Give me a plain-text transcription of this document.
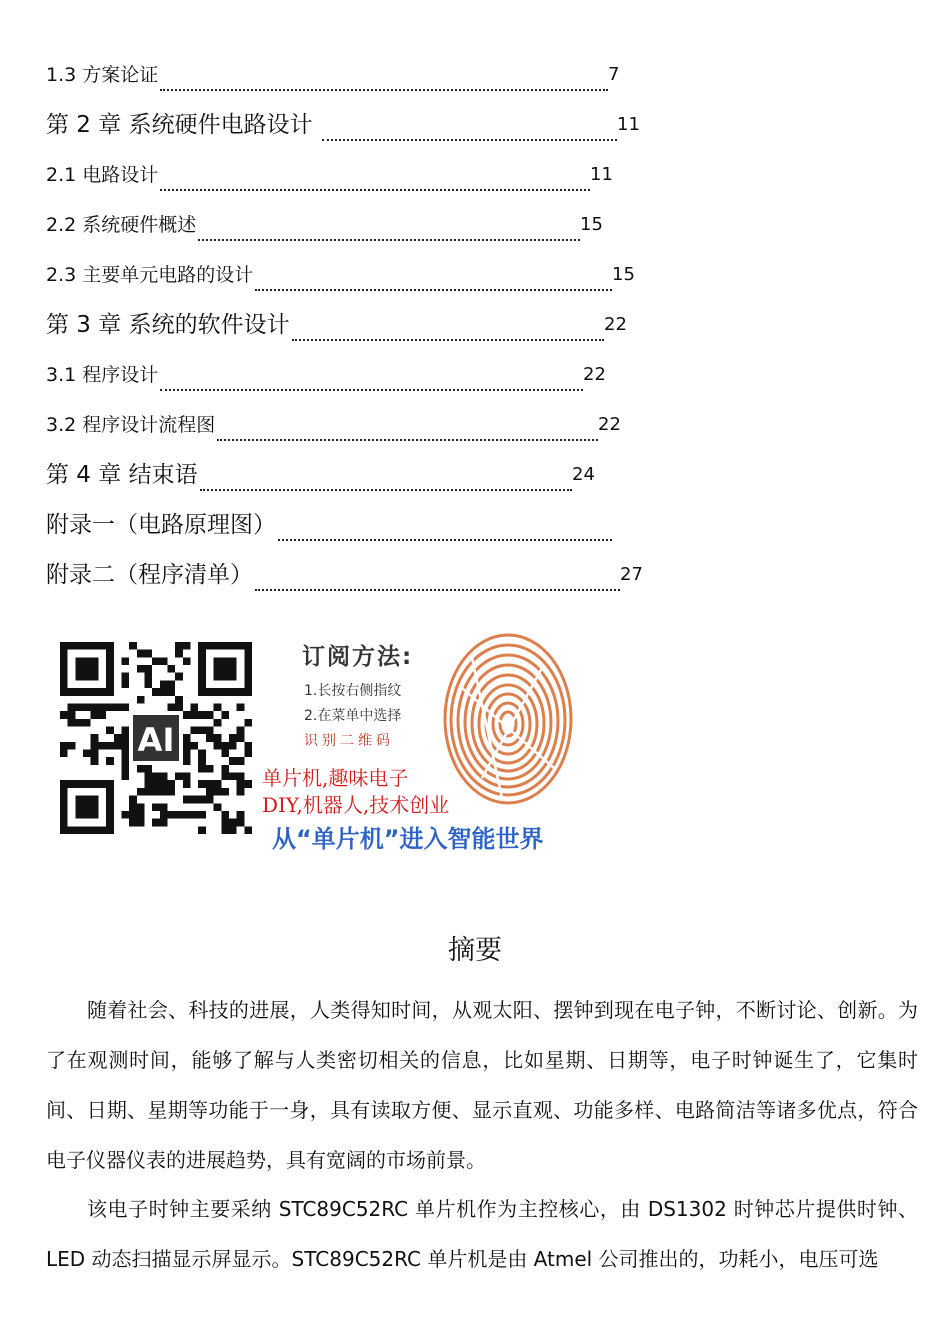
1.3 方案论证	7
第 2 章 系统硬件电路设计	11
2.1 电路设计	11
2.2 系统硬件概述	15
2.3 主要单元电路的设计	15
第 3 章 系统的软件设计	22
3.1 程序设计	22
3.2 程序设计流程图	22
第 4 章 结束语	24
附录一（电路原理图）
附录二（程序清单）	27
AI
订阅方法:
1.长按右侧指纹
2.在菜单中选择
识别二维码
单片机,趣味电子
DIY,机器人,技术创业
从“单片机”进入智能世界
摘要
随着社会、科技的进展，人类得知时间，从观太阳、摆钟到现在电子钟，不断讨论、创新。为了在观测时间，能够了解与人类密切相关的信息，比如星期、日期等，电子时钟诞生了，它集时间、日期、星期等功能于一身，具有读取方便、显示直观、功能多样、电路简洁等诸多优点，符合电子仪器仪表的进展趋势，具有宽阔的市场前景。
该电子时钟主要采纳 STC89C52RC 单片机作为主控核心，由 DS1302 时钟芯片提供时钟、LED 动态扫描显示屏显示。STC89C52RC 单片机是由 Atmel 公司推出的，功耗小，电压可选
